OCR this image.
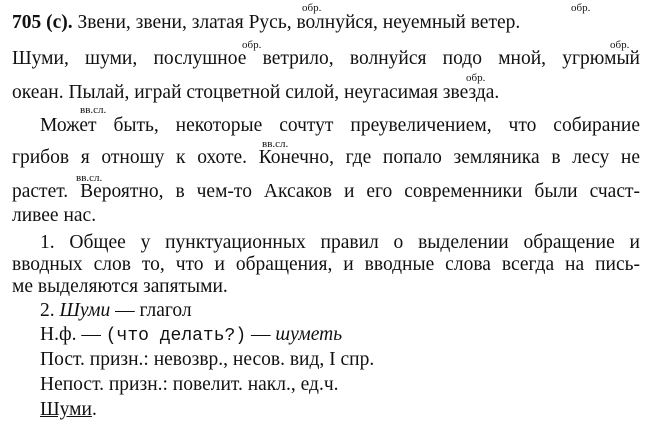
обр.	обр.
обр.	обр.
обр.
вв.сл.
вв.сл.
вв.сл.
705 (с). Звени, звени, златая Русь, волнуйся, неуемный ветер.
Шуми, шуми, послушное ветрило, волнуйся подо мной, угрюмый
океан. Пылай, играй стоцветной силой, неугасимая звезда.
Может быть, некоторые сочтут преувеличением, что собирание
грибов я отношу к охоте. Конечно, где попало земляника в лесу не
растет. Вероятно, в чем-то Аксаков и его современники были счаст-
ливее нас.
1. Общее у пунктуационных правил о выделении обращение и
вводных слов то, что и обращения, и вводные слова всегда на пись-
ме выделяются запятыми.
2. Шуми — глагол
Н.ф. — (что делать?) — шуметь
Пост. призн.: невозвр., несов. вид, I спр.
Непост. призн.: повелит. накл., ед.ч.
Шуми.
